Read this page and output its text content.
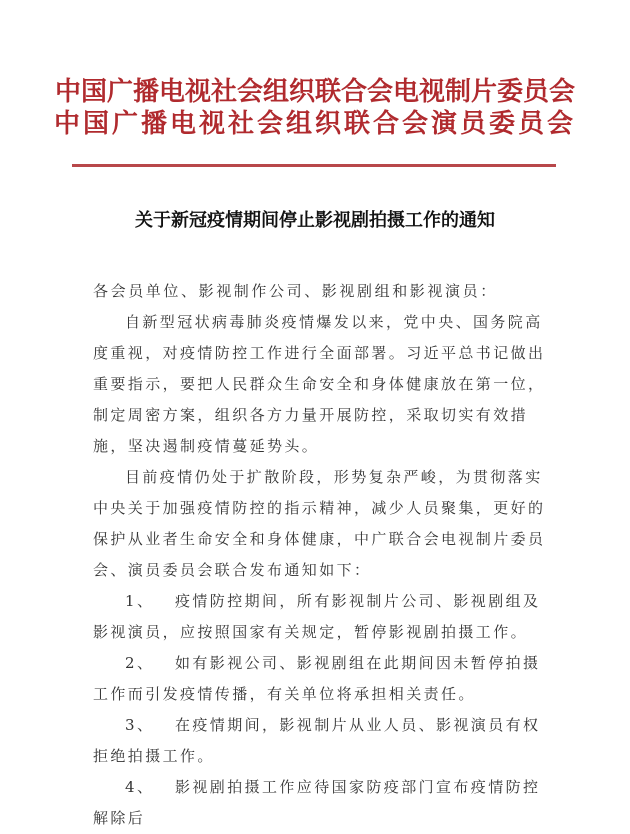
中国广播电视社会组织联合会电视制片委员会
中国广播电视社会组织联合会演员委员会
关于新冠疫情期间停止影视剧拍摄工作的通知

各会员单位、影视制作公司、影视剧组和影视演员：

自新型冠状病毒肺炎疫情爆发以来，党中央、国务院高度重视，对疫情防控工作进行全面部署。习近平总书记做出重要指示，要把人民群众生命安全和身体健康放在第一位，制定周密方案，组织各方力量开展防控，采取切实有效措施，坚决遏制疫情蔓延势头。

目前疫情仍处于扩散阶段，形势复杂严峻，为贯彻落实中央关于加强疫情防控的指示精神，减少人员聚集，更好的保护从业者生命安全和身体健康，中广联合会电视制片委员会、演员委员会联合发布通知如下：

1、 疫情防控期间，所有影视制片公司、影视剧组及影视演员，应按照国家有关规定，暂停影视剧拍摄工作。

2、 如有影视公司、影视剧组在此期间因未暂停拍摄工作而引发疫情传播，有关单位将承担相关责任。

3、 在疫情期间，影视制片从业人员、影视演员有权拒绝拍摄工作。

4、 影视剧拍摄工作应待国家防疫部门宣布疫情防控解除后
